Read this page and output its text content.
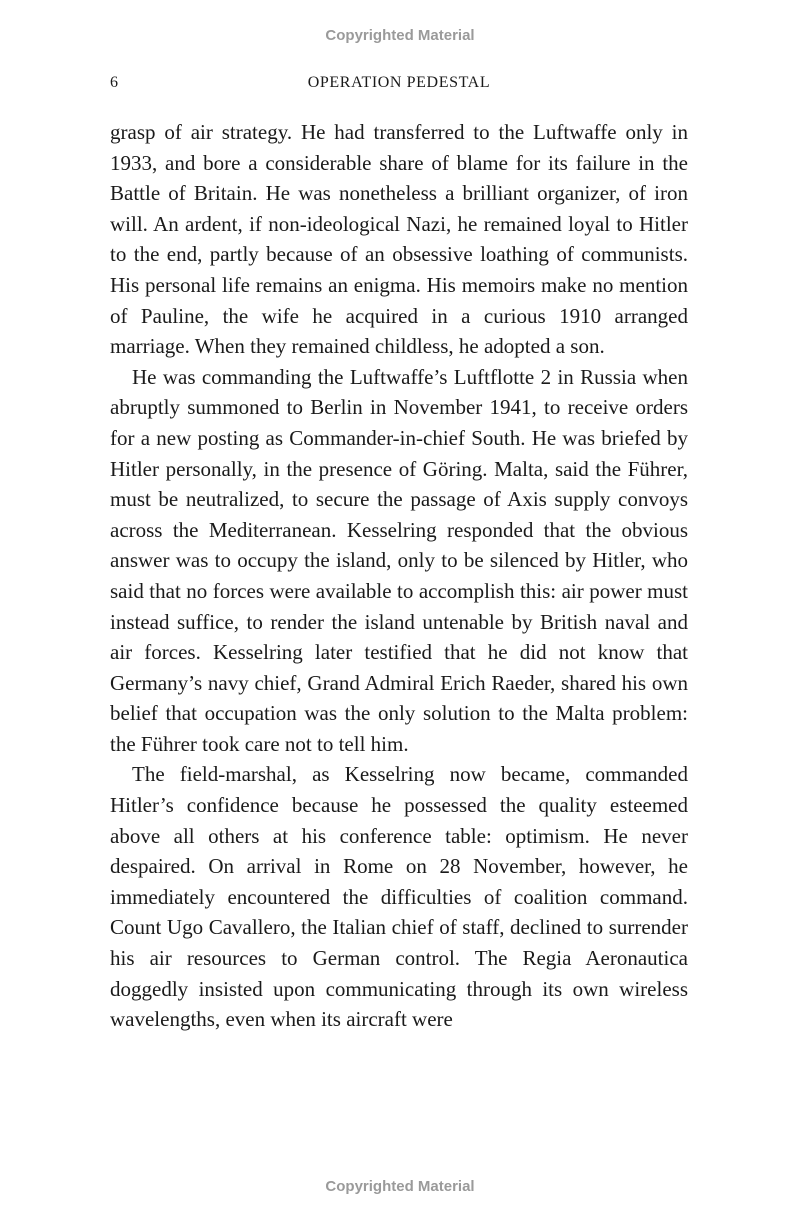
Copyrighted Material
6	OPERATION PEDESTAL

grasp of air strategy. He had transferred to the Luftwaffe only in 1933, and bore a considerable share of blame for its failure in the Battle of Britain. He was nonetheless a brilliant organizer, of iron will. An ardent, if non-ideological Nazi, he remained loyal to Hitler to the end, partly because of an obsessive loathing of communists. His personal life remains an enigma. His memoirs make no mention of Pauline, the wife he acquired in a curious 1910 arranged marriage. When they remained childless, he adopted a son.

He was commanding the Luftwaffe’s Luftflotte 2 in Russia when abruptly summoned to Berlin in November 1941, to receive orders for a new posting as Commander-in-chief South. He was briefed by Hitler personally, in the presence of Göring. Malta, said the Führer, must be neutralized, to secure the passage of Axis supply convoys across the Mediterranean. Kesselring responded that the obvious answer was to occupy the island, only to be silenced by Hitler, who said that no forces were available to accomplish this: air power must instead suffice, to render the island untenable by British naval and air forces. Kesselring later testified that he did not know that Germany’s navy chief, Grand Admiral Erich Raeder, shared his own belief that occupation was the only solution to the Malta problem: the Führer took care not to tell him.

The field-marshal, as Kesselring now became, commanded Hitler’s confidence because he possessed the quality esteemed above all others at his conference table: optimism. He never despaired. On arrival in Rome on 28 November, however, he immediately encountered the difficulties of coalition command. Count Ugo Cavallero, the Italian chief of staff, declined to surrender his air resources to German control. The Regia Aeronautica doggedly insisted upon communicating through its own wireless wavelengths, even when its aircraft were

Copyrighted Material
